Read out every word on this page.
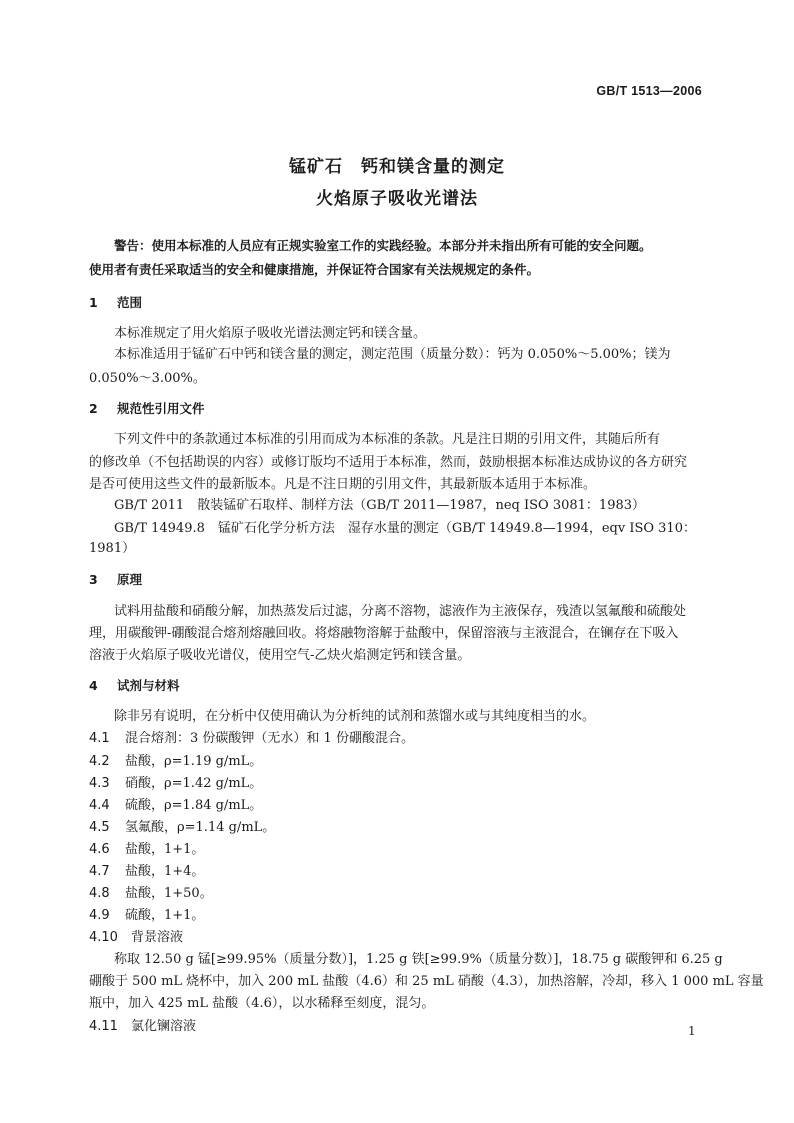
GB/T 1513—2006
锰矿石　钙和镁含量的测定
火焰原子吸收光谱法
警告：使用本标准的人员应有正规实验室工作的实践经验。本部分并未指出所有可能的安全问题。
使用者有责任采取适当的安全和健康措施，并保证符合国家有关法规规定的条件。
1 范围
本标准规定了用火焰原子吸收光谱法测定钙和镁含量。
本标准适用于锰矿石中钙和镁含量的测定，测定范围（质量分数）：钙为 0.050%～5.00%；镁为
0.050%～3.00%。
2 规范性引用文件
下列文件中的条款通过本标准的引用而成为本标准的条款。凡是注日期的引用文件，其随后所有
的修改单（不包括勘误的内容）或修订版均不适用于本标准，然而，鼓励根据本标准达成协议的各方研究
是否可使用这些文件的最新版本。凡是不注日期的引用文件，其最新版本适用于本标准。
GB/T 2011　散装锰矿石取样、制样方法（GB/T 2011—1987，neq ISO 3081：1983）
GB/T 14949.8　锰矿石化学分析方法　湿存水量的测定（GB/T 14949.8—1994，eqv ISO 310：
1981）
3 原理
试料用盐酸和硝酸分解，加热蒸发后过滤，分离不溶物，滤液作为主液保存，残渣以氢氟酸和硫酸处
理，用碳酸钾-硼酸混合熔剂熔融回收。将熔融物溶解于盐酸中，保留溶液与主液混合，在镧存在下吸入
溶液于火焰原子吸收光谱仪，使用空气-乙炔火焰测定钙和镁含量。
4 试剂与材料
除非另有说明，在分析中仅使用确认为分析纯的试剂和蒸馏水或与其纯度相当的水。
4.1 混合熔剂：3 份碳酸钾（无水）和 1 份硼酸混合。
4.2 盐酸，ρ=1.19 g/mL。
4.3 硝酸，ρ=1.42 g/mL。
4.4 硫酸，ρ=1.84 g/mL。
4.5 氢氟酸，ρ=1.14 g/mL。
4.6 盐酸，1+1。
4.7 盐酸，1+4。
4.8 盐酸，1+50。
4.9 硫酸，1+1。
4.10 背景溶液
称取 12.50 g 锰[≥99.95%（质量分数）]，1.25 g 铁[≥99.9%（质量分数）]，18.75 g 碳酸钾和 6.25 g
硼酸于 500 mL 烧杯中，加入 200 mL 盐酸（4.6）和 25 mL 硝酸（4.3），加热溶解，冷却，移入 1 000 mL 容量
瓶中，加入 425 mL 盐酸（4.6），以水稀释至刻度，混匀。
4.11 氯化镧溶液	1
